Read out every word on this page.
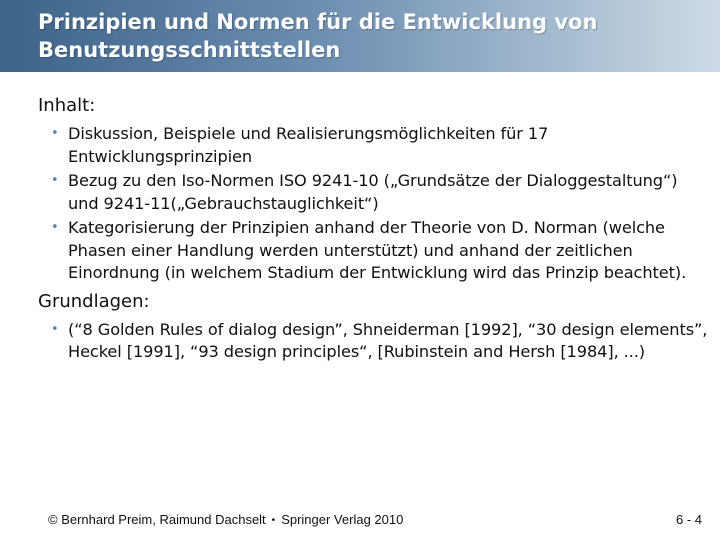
Prinzipien und Normen für die Entwicklung von
Benutzungsschnittstellen

Inhalt:

• Diskussion, Beispiele und Realisierungsmöglichkeiten für 17 Entwicklungsprinzipien
• Bezug zu den Iso-Normen ISO 9241-10 („Grundsätze der Dialoggestaltung“) und 9241-11(„Gebrauchstauglichkeit“)
• Kategorisierung der Prinzipien anhand der Theorie von D. Norman (welche Phasen einer Handlung werden unterstützt) und anhand der zeitlichen Einordnung (in welchem Stadium der Entwicklung wird das Prinzip beachtet).

Grundlagen:

• (“8 Golden Rules of dialog design”, Shneiderman [1992], “30 design elements”, Heckel [1991], “93 design principles“, [Rubinstein and Hersh [1984], ...)
© Bernhard Preim, Raimund Dachselt • Springer Verlag 2010	6 - 4
